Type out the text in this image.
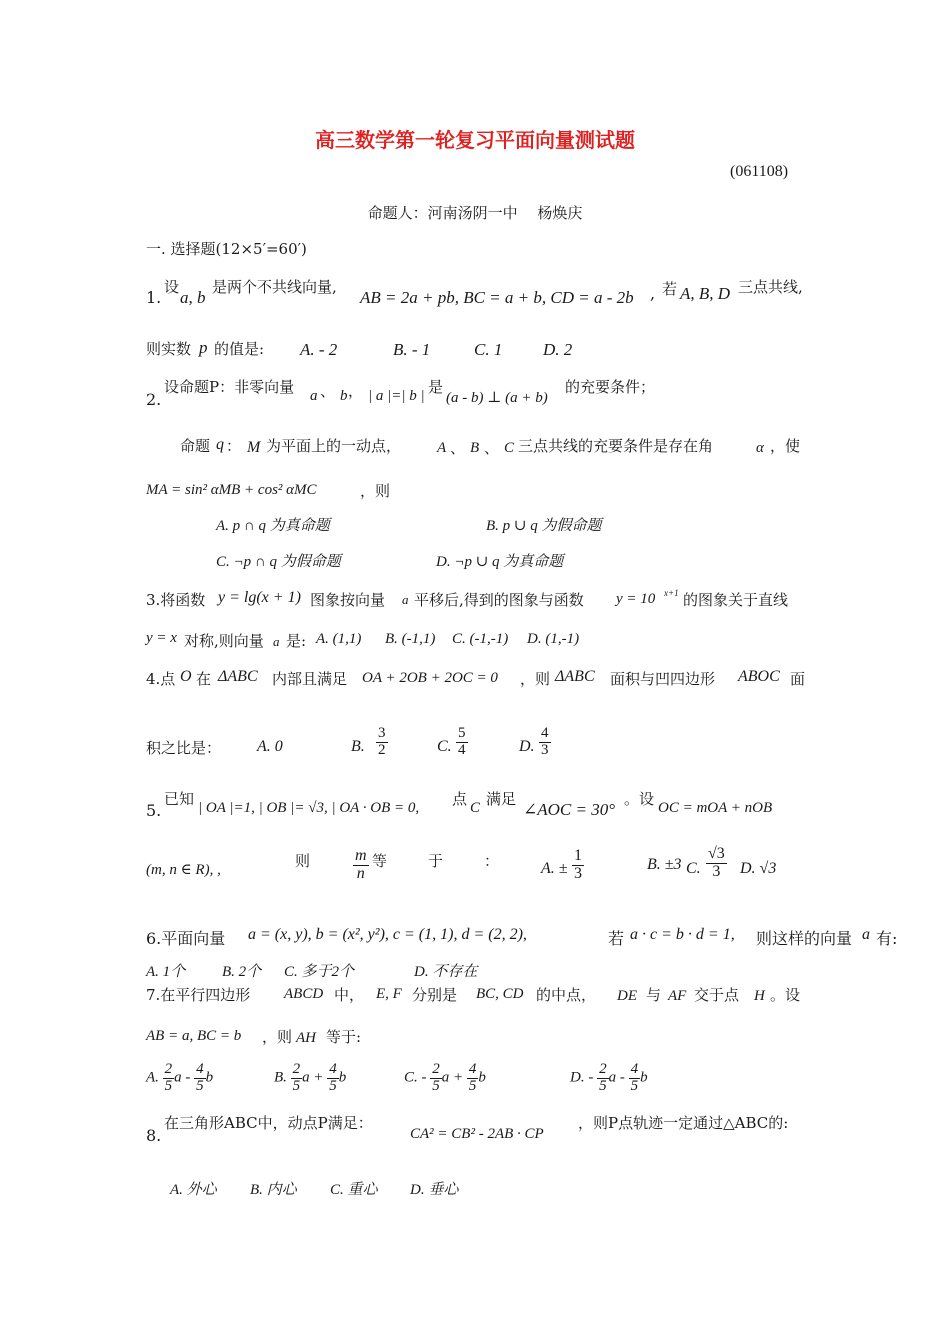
高三数学第一轮复习平面向量测试题
(061108)
命题人：河南汤阴一中　 杨焕庆
一. 选择题(12×5′=60′)
1.
设
a, b
是两个不共线向量,
AB = 2a + pb, BC = a + b, CD = a - 2b , 若 A, B, D 三点共线,
则实数 p 的值是: A. - 2	B. - 1	C. 1 D. 2
2.
设命题P：非零向量 a 、 b ， | a |=| b | 是
(a - b) ⊥ (a + b)
的充要条件；
命题 q ： M 为平面上的一动点， A 、 B 、 C 三点共线的充要条件是存在角	α ，使
MA = sin² αMB + cos² αMC	，则
A. p ∩ q 为真命题	B. p ∪ q 为假命题
C. ¬p ∩ q 为假命题	D. ¬p ∪ q 为真命题
3.将函数 y = lg(x + 1) 图象按向量 a 平移后,得到的图象与函数 y = 10 x+1 的图象关于直线
y = x 对称,则向量 a 是: A. (1,1) B. (-1,1) C. (-1,-1) D. (1,-1)
4.点 O 在 ΔABC 内部且满足 OA + 2OB + 2OC = 0 ，则 ΔABC 面积与凹四边形 ABOC 面
积之比是： A. 0	B. $\frac{3}{2}$	C. $\frac{5}{4}$	D. $\frac{4}{3}$
5.
已知 | OA |=1, | OB |= √3, | OA · OB = 0, 点 C 满足
∠AOC = 30°
。设 OC = mOA + nOB
(m, n ∈ R), ,	则	$\frac{m}{n}$ 等	于	：	A. ± $\frac{1}{3}$	B. ±3 C. $\frac{√3}{3} D$. √3
6.平面向量 a = (x, y), b = (x², y²), c = (1, 1), d = (2, 2),	若 a · c = b · d = 1, 则这样的向量 a 有:
A. 1个 B. 2个 C. 多于2个	D. 不存在
7.在平行四边形 ABCD 中， E, F 分别是 BC, CD 的中点， DE 与 AF 交于点 H 。设
AB = a, BC = b ，则 AH 等于:
A. $\frac{2}{5}$ a - $\frac{4}{5}$ b	B. $\frac{2}{5}$ $a + \frac{4}{5}$ b	C. - $\frac{2}{5}$ $a + \frac{4}{5}$ b	D. - $\frac{2}{5}$ a - $\frac{4}{5}$ b
8.
在三角形ABC中，动点P满足：
CA² = CB² - 2AB · CP
，则P点轨迹一定通过△ABC的:
A. 外心 B. 内心 C. 重心 D. 垂心
